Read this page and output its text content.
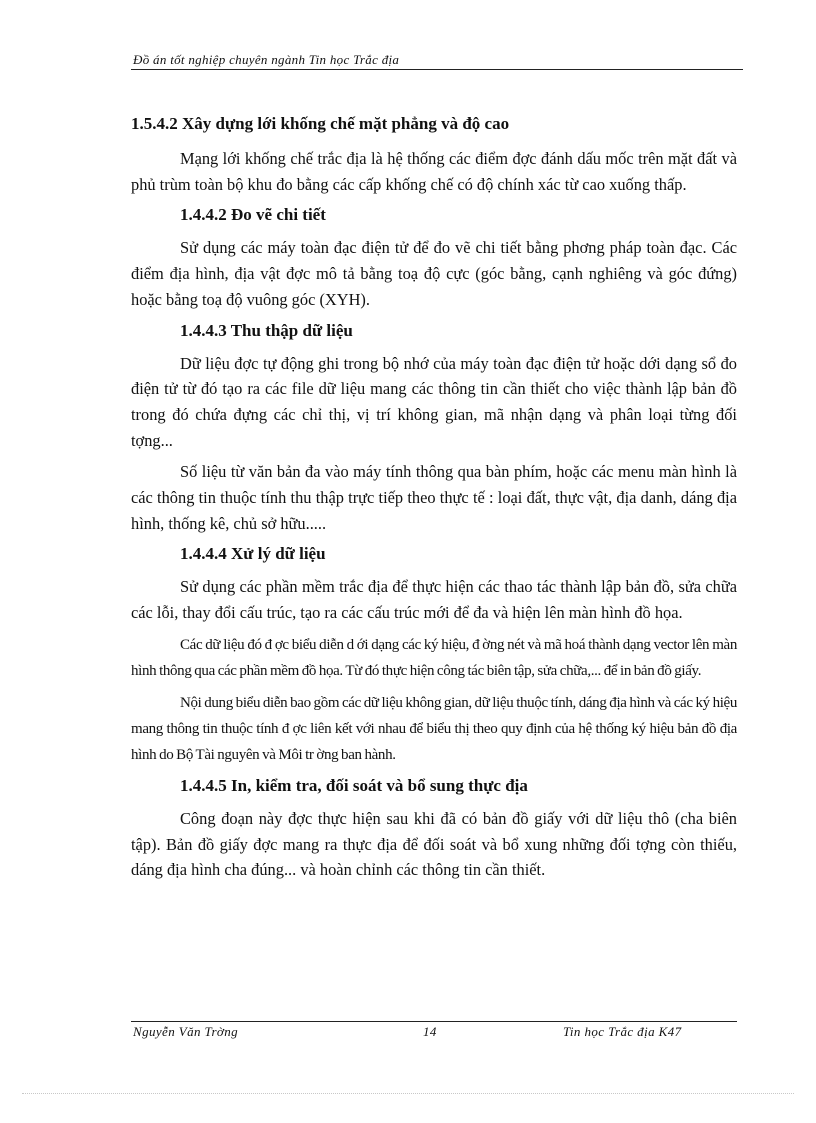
Đồ án tốt nghiệp chuyên ngành Tin học Trắc địa
1.5.4.2 Xây dựng lới khống chế mặt phẳng và độ cao

Mạng lới khống chế trắc địa là hệ thống các điểm đợc đánh dấu mốc trên mặt đất và phủ trùm toàn bộ khu đo bằng các cấp khống chế có độ chính xác từ cao xuống thấp.

1.4.4.2 Đo vẽ chi tiết

Sử dụng các máy toàn đạc điện tử để đo vẽ chi tiết bằng phơng pháp toàn đạc. Các điểm địa hình, địa vật đợc mô tả bằng toạ độ cực (góc bằng, cạnh nghiêng và góc đứng) hoặc bằng toạ độ vuông góc (XYH).

1.4.4.3 Thu thập dữ liệu

Dữ liệu đợc tự động ghi trong bộ nhớ của máy toàn đạc điện tử hoặc dới dạng sổ đo điện tử từ đó tạo ra các file dữ liệu mang các thông tin cần thiết cho việc thành lập bản đồ trong đó chứa đựng các chỉ thị, vị trí không gian, mã nhận dạng và phân loại từng đối tợng...

Số liệu từ văn bản đa vào máy tính thông qua bàn phím, hoặc các menu màn hình là các thông tin thuộc tính thu thập trực tiếp theo thực tế : loại đất, thực vật, địa danh, dáng địa hình, thống kê, chủ sở hữu.....

1.4.4.4 Xử lý dữ liệu

Sử dụng các phần mềm trắc địa để thực hiện các thao tác thành lập bản đồ, sửa chữa các lỗi, thay đổi cấu trúc, tạo ra các cấu trúc mới để đa và hiện lên màn hình đồ họa.

Các dữ liệu đó đ ợc biểu diễn d ới dạng các ký hiệu, đ ờng nét và mã hoá thành dạng vector lên màn hình thông qua các phần mềm đồ họa. Từ đó thực hiện công tác biên tập, sửa chữa,... để in bản đồ giấy.

Nội dung biểu diễn bao gồm các dữ liệu không gian, dữ liệu thuộc tính, dáng địa hình và các ký hiệu mang thông tin thuộc tính đ ợc liên kết với nhau để biểu thị theo quy định của hệ thống ký hiệu bản đồ địa hình do Bộ Tài nguyên và Môi tr ờng ban hành.

1.4.4.5 In, kiểm tra, đối soát và bổ sung thực địa

Công đoạn này đợc thực hiện sau khi đã có bản đồ giấy với dữ liệu thô (cha biên tập). Bản đồ giấy đợc mang ra thực địa để đối soát và bổ xung những đối tợng còn thiếu, dáng địa hình cha đúng... và hoàn chỉnh các thông tin cần thiết.

Nguyễn Văn Trờng	14	Tin học Trắc địa K47
